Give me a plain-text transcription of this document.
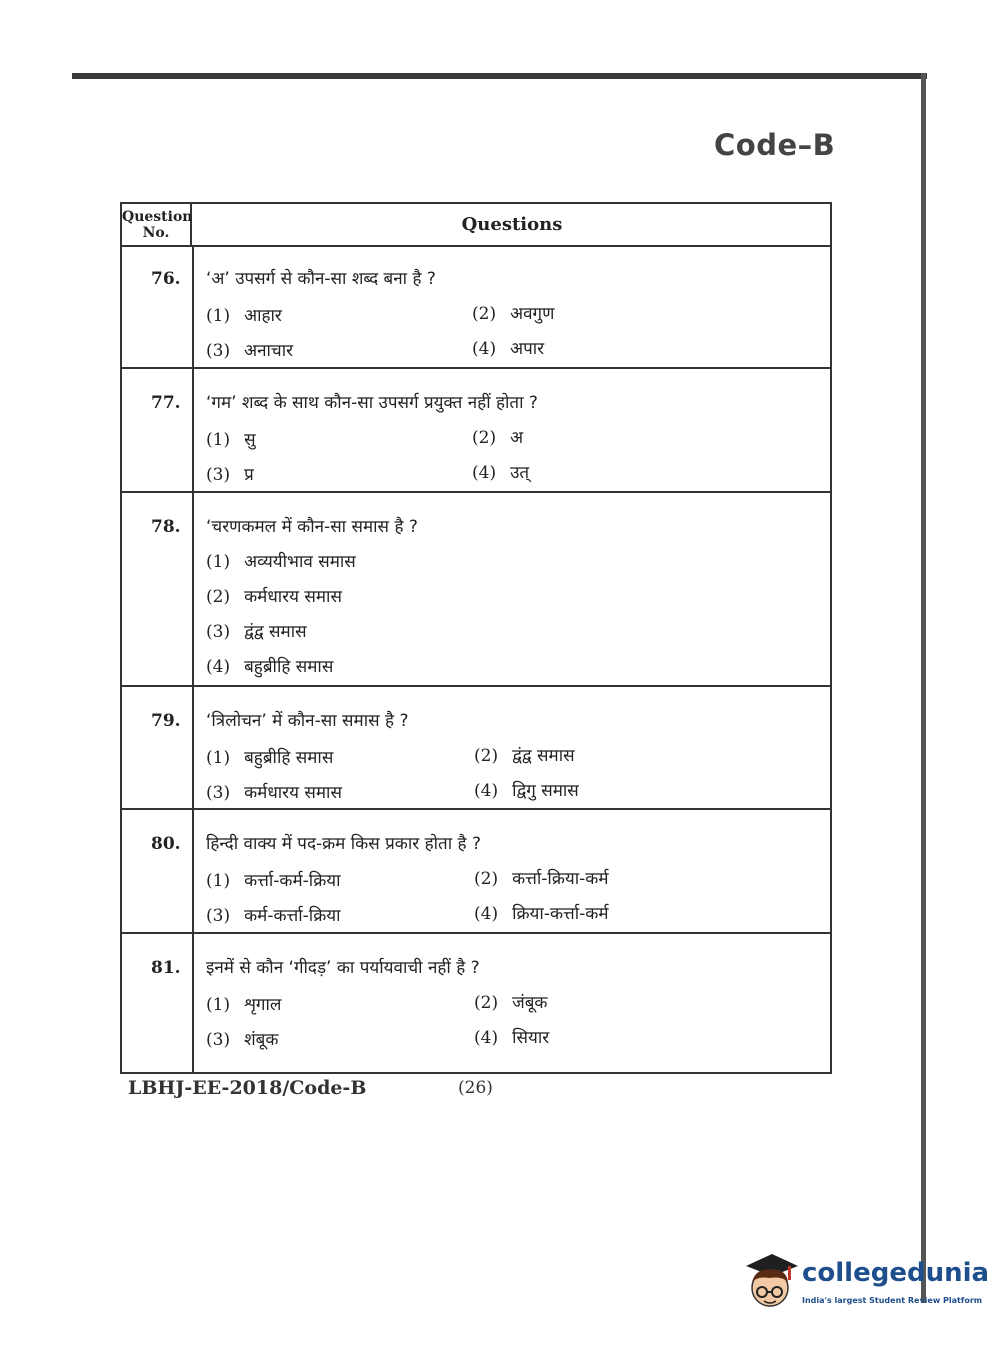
Code–B
Question No.	Questions
76. ‘अ’ उपसर्ग से कौन-सा शब्द बना है ?
(1) आहार	(2) अवगुण
(3) अनाचार	(4) अपार
77. ‘गम’ शब्द के साथ कौन-सा उपसर्ग प्रयुक्त नहीं होता ?
(1) सु	(2) अ
(3) प्र	(4) उत्
78. ‘चरणकमल में कौन-सा समास है ?
(1) अव्ययीभाव समास
(2) कर्मधारय समास
(3) द्वंद्व समास
(4) बहुब्रीहि समास
79. ‘त्रिलोचन’ में कौन-सा समास है ?
(1) बहुब्रीहि समास	(2) द्वंद्व समास
(3) कर्मधारय समास	(4) द्विगु समास
80. हिन्दी वाक्य में पद-क्रम किस प्रकार होता है ?
(1) कर्त्ता-कर्म-क्रिया	(2) कर्त्ता-क्रिया-कर्म
(3) कर्म-कर्त्ता-क्रिया	(4) क्रिया-कर्त्ता-कर्म
81. इनमें से कौन ‘गीदड़’ का पर्यायवाची नहीं है ?
(1) शृगाल	(2) जंबूक
(3) शंबूक	(4) सियार
LBHJ-EE-2018/Code-B	(26)
collegedunia
India's largest Student Review Platform
